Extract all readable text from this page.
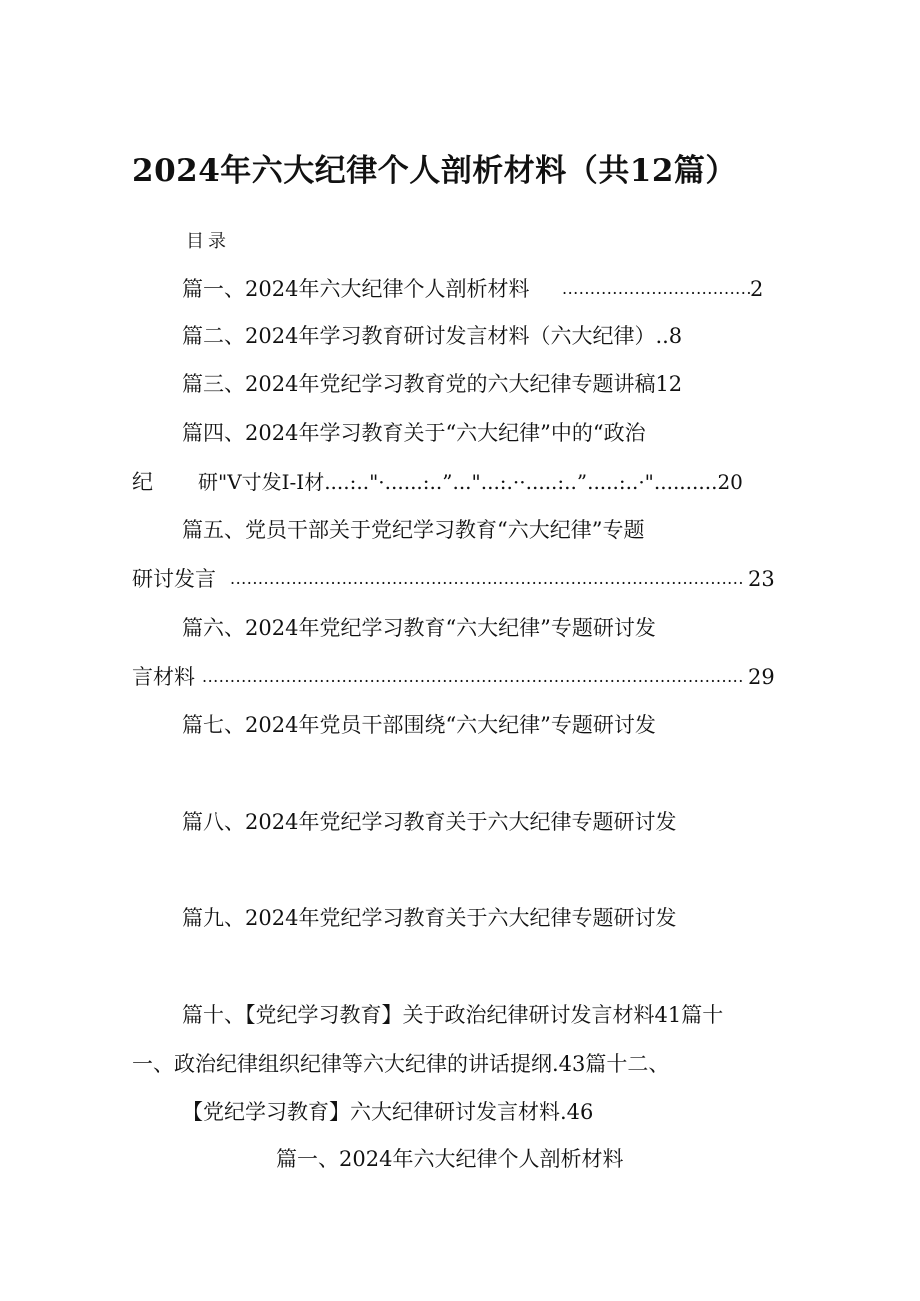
2024年六大纪律个人剖析材料（共12篇）
目录
篇一、2024年六大纪律个人剖析材料 ..................................
2
篇二、2024年学习教育研讨发言材料（六大纪律）..8
篇三、2024年党纪学习教育党的六大纪律专题讲稿12
篇四、2024年学习教育关于“六大纪律”中的“政治
纪 研"V寸发I-I材....:.."·......:..”..."...:.··.....:..”.....:..·"..........20
篇五、党员干部关于党纪学习教育“六大纪律”专题
研讨发言 ............................................................................................ 23
篇六、2024年党纪学习教育“六大纪律”专题研讨发
言材料 ................................................................................................. 29
篇七、2024年党员干部围绕“六大纪律”专题研讨发
篇八、2024年党纪学习教育关于六大纪律专题研讨发
篇九、2024年党纪学习教育关于六大纪律专题研讨发
篇十、【党纪学习教育】关于政治纪律研讨发言材料41篇十
一、政治纪律组织纪律等六大纪律的讲话提纲.43篇十二、
【党纪学习教育】六大纪律研讨发言材料.46
篇一、2024年六大纪律个人剖析材料
